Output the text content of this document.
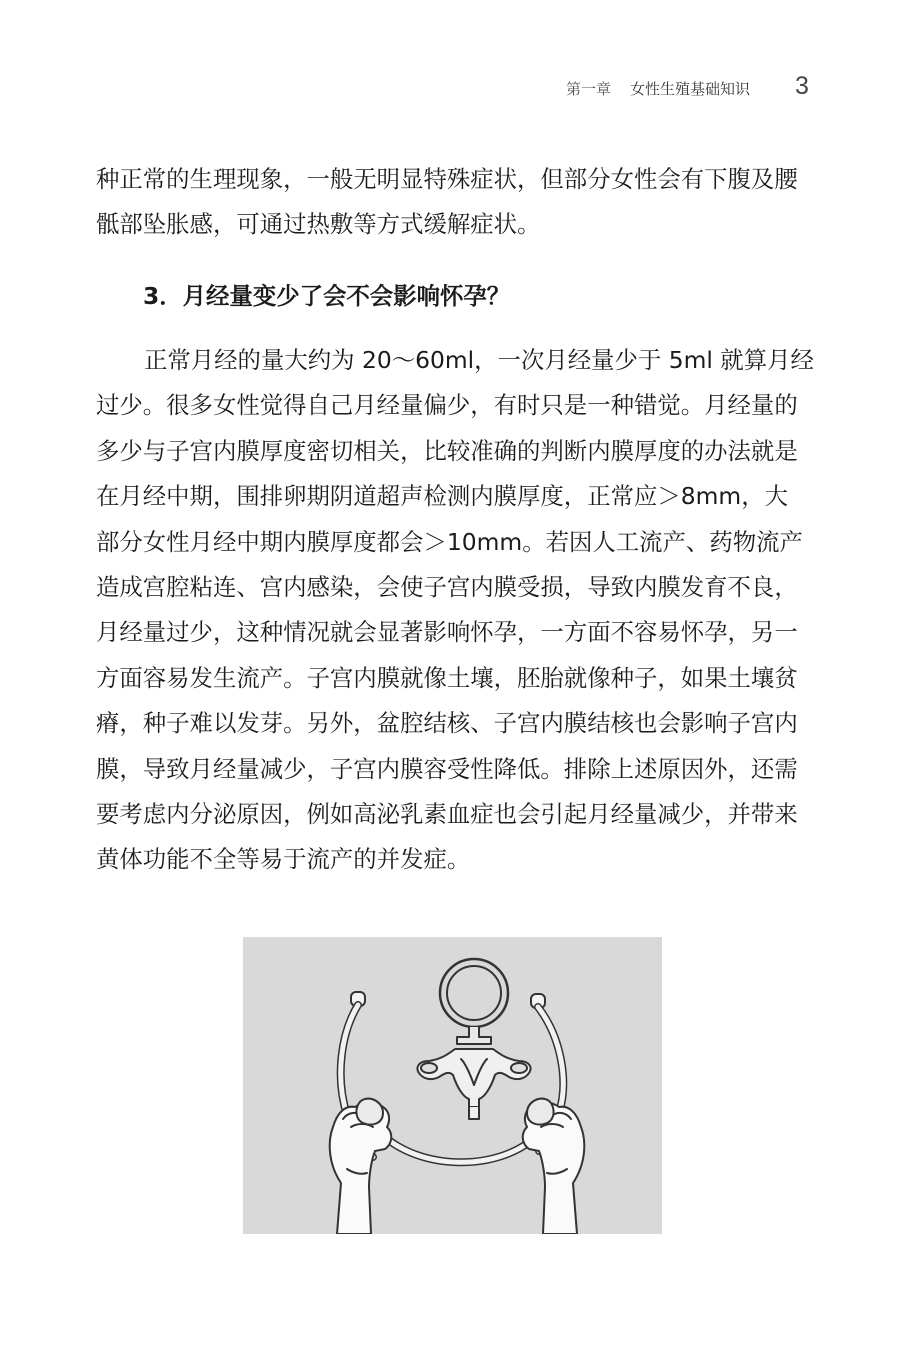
第一章 女性生殖基础知识 3
种正常的生理现象，一般无明显特殊症状，但部分女性会有下腹及腰
骶部坠胀感，可通过热敷等方式缓解症状。
3．月经量变少了会不会影响怀孕？
正常月经的量大约为 20～60ml，一次月经量少于 5ml 就算月经
过少。很多女性觉得自己月经量偏少，有时只是一种错觉。月经量的
多少与子宫内膜厚度密切相关，比较准确的判断内膜厚度的办法就是
在月经中期，围排卵期阴道超声检测内膜厚度，正常应＞8mm，大
部分女性月经中期内膜厚度都会＞10mm。若因人工流产、药物流产
造成宫腔粘连、宫内感染，会使子宫内膜受损，导致内膜发育不良，
月经量过少，这种情况就会显著影响怀孕，一方面不容易怀孕，另一
方面容易发生流产。子宫内膜就像土壤，胚胎就像种子，如果土壤贫
瘠，种子难以发芽。另外，盆腔结核、子宫内膜结核也会影响子宫内
膜，导致月经量减少，子宫内膜容受性降低。排除上述原因外，还需
要考虑内分泌原因，例如高泌乳素血症也会引起月经量减少，并带来
黄体功能不全等易于流产的并发症。
